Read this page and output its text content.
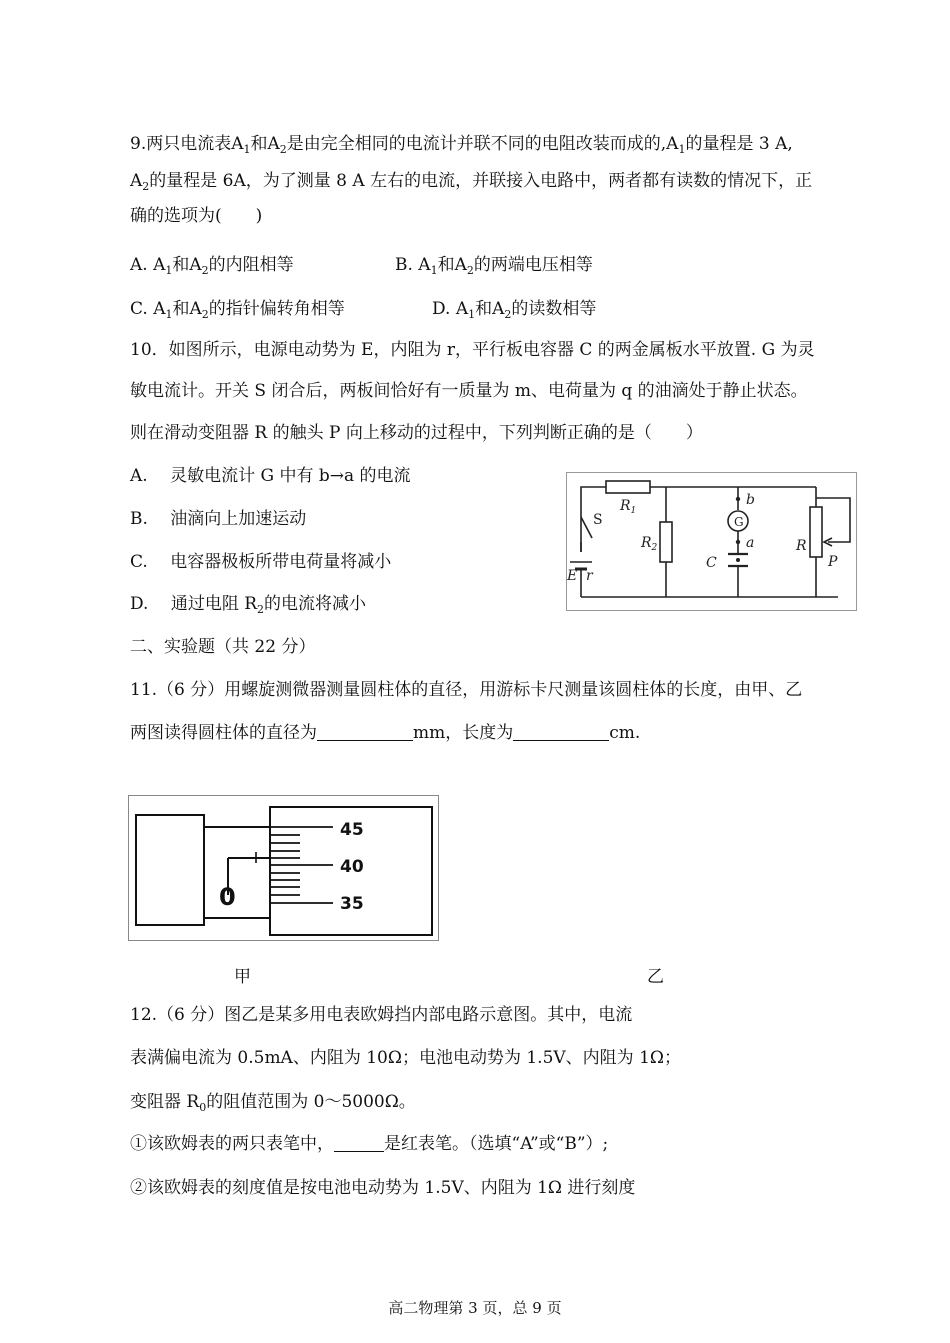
9.两只电流表$A_1$和$A_2$是由完全相同的电流计并联不同的电阻改装而成的$,A_1$的量程是 3 A,
$A_2$的量程是 6A，为了测量 8 A 左右的电流，并联接入电路中，两者都有读数的情况下，正
确的选项为(　　)
A. $A_1$和$A_2$的内阻相等	B. $A_1$和$A_2$的两端电压相等
C. $A_1$和$A_2$的指针偏转角相等	D. $A_1$和$A_2$的读数相等
10．如图所示，电源电动势为 E，内阻为 r，平行板电容器 C 的两金属板水平放置. G 为灵
敏电流计。开关 S 闭合后，两板间恰好有一质量为 m、电荷量为 q 的油滴处于静止状态。
则在滑动变阻器 R 的触头 P 向上移动的过程中，下列判断正确的是（　　）
A.　 灵敏电流计 G 中有 b→a 的电流
B.　 油滴向上加速运动
C.　 电容器极板所带电荷量将减小
D.　 通过电阻 $R_2$的电流将减小
$R_1$
S
$R_2$
G
b
a
C
R
P
E r
二、实验题（共 22 分）
11.（6 分）用螺旋测微器测量圆柱体的直径，用游标卡尺测量该圆柱体的长度，由甲、乙
两图读得圆柱体的直径为	mm，长度为	cm.
45
40
35
0
甲	乙
12.（6 分）图乙是某多用电表欧姆挡内部电路示意图。其中，电流
表满偏电流为 0.5mA、内阻为 10Ω；电池电动势为 1.5V、内阻为 1Ω；
变阻器 $R_0$的阻值范围为 0～5000Ω。
①该欧姆表的两只表笔中，	是红表笔。（选填“A”或“B”）;
②该欧姆表的刻度值是按电池电动势为 1.5V、内阻为 1Ω 进行刻度
高二物理第 3 页，总 9 页
